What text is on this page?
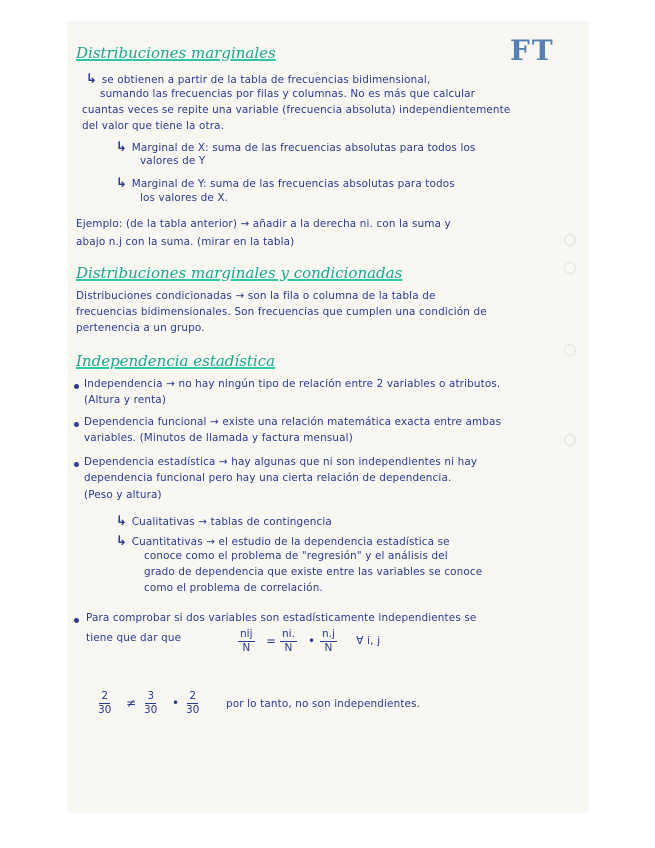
FT
Distribuciones marginales
↳ se obtienen a partir de la tabla de frecuencias bidimensional,
sumando las frecuencias por filas y columnas. No es más que calcular
cuantas veces se repite una variable (frecuencia absoluta) independientemente
del valor que tiene la otra.
↳ Marginal de X: suma de las frecuencias absolutas para todos los
valores de Y
↳ Marginal de Y: suma de las frecuencias absolutas para todos
los valores de X.
Ejemplo: (de la tabla anterior) → añadir a la derecha ni. con la suma y
abajo n.j con la suma. (mirar en la tabla)
Distribuciones marginales y condicionadas
Distribuciones condicionadas → son la fila o columna de la tabla de
frecuencias bidimensionales. Son frecuencias que cumplen una condición de
pertenencia a un grupo.
Independencia estadística
Independencia → no hay ningún tipo de relación entre 2 variables o atributos.
(Altura y renta)
Dependencia funcional → existe una relación matemática exacta entre ambas
variables. (Minutos de llamada y factura mensual)
Dependencia estadística → hay algunas que ni son independientes ni hay
dependencia funcional pero hay una cierta relación de dependencia.
(Peso y altura)
↳ Cualitativas → tablas de contingencia
↳ Cuantitativas → el estudio de la dependencia estadística se
conoce como el problema de "regresión" y el análisis del
grado de dependencia que existe entre las variables se conoce
como el problema de correlación.
Para comprobar si dos variables son estadísticamente independientes se
tiene que dar que	nij
$N = \frac{ni.}{N}$ • $\frac{n.j}{N}$ ∀ i, j
$\frac{2}{30} \ne \frac{3}{30}$ • $\frac{2}{30}$	por lo tanto, no son independientes.
